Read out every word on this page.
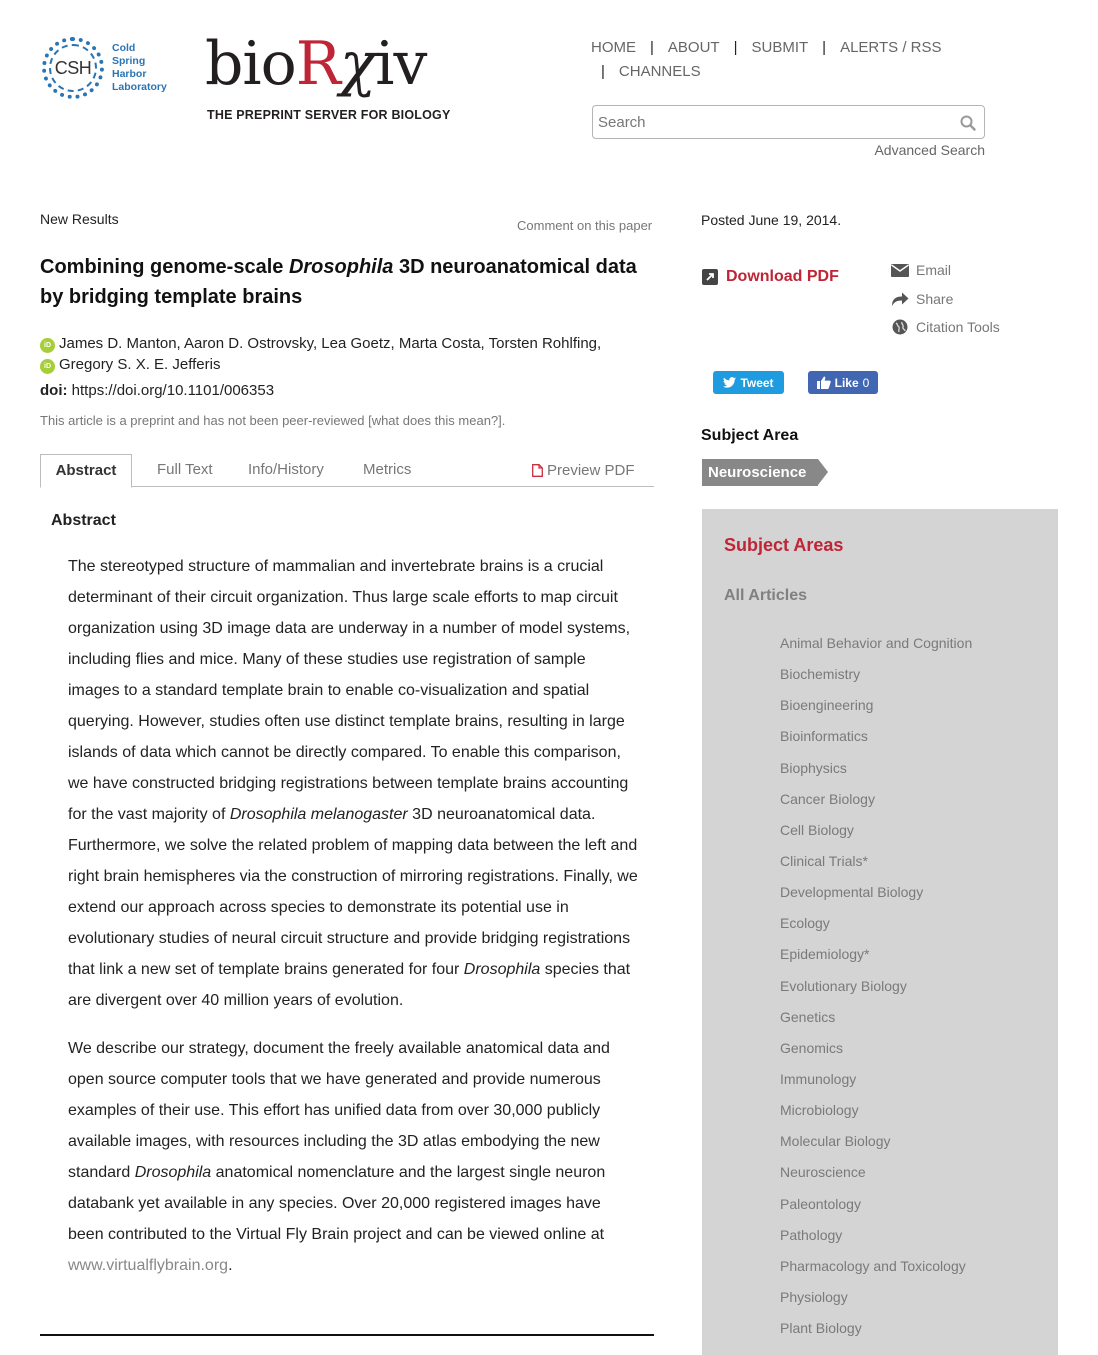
CSH
Cold
Spring
Harbor
Laboratory bioRχiv
THE PREPRINT SERVER FOR BIOLOGY
HOME | ABOUT | SUBMIT | ALERTS / RSS
| CHANNELS
Search
Advanced Search
New Results	Comment on this paper
Combining genome-scale Drosophila 3D neuroanatomical data by bridging template brains
iD James D. Manton, Aaron D. Ostrovsky, Lea Goetz, Marta Costa, Torsten Rohlfing,
iD Gregory S. X. E. Jefferis
doi: https://doi.org/10.1101/006353
This article is a preprint and has not been peer-reviewed [what does this mean?].
Abstract	Full Text Info/History	Metrics	Preview PDF
Abstract

The stereotyped structure of mammalian and invertebrate brains is a crucial determinant of their circuit organization. Thus large scale efforts to map circuit organization using 3D image data are underway in a number of model systems, including flies and mice. Many of these studies use registration of sample images to a standard template brain to enable co-visualization and spatial querying. However, studies often use distinct template brains, resulting in large islands of data which cannot be directly compared. To enable this comparison, we have constructed bridging registrations between template brains accounting for the vast majority of Drosophila melanogaster 3D neuroanatomical data. Furthermore, we solve the related problem of mapping data between the left and right brain hemispheres via the construction of mirroring registrations. Finally, we extend our approach across species to demonstrate its potential use in evolutionary studies of neural circuit structure and provide bridging registrations that link a new set of template brains generated for four Drosophila species that are divergent over 40 million years of evolution.

We describe our strategy, document the freely available anatomical data and open source computer tools that we have generated and provide numerous examples of their use. This effort has unified data from over 30,000 publicly available images, with resources including the 3D atlas embodying the new standard Drosophila anatomical nomenclature and the largest single neuron databank yet available in any species. Over 20,000 registered images have been contributed to the Virtual Fly Brain project and can be viewed online at www.virtualflybrain.org.

Posted June 19, 2014.
Download PDF	Email
Share
Citation Tools
Tweet	Like 0
Subject Area
Neuroscience
Subject Areas
All Articles
Animal Behavior and Cognition
Biochemistry
Bioengineering
Bioinformatics
Biophysics
Cancer Biology
Cell Biology
Clinical Trials*
Developmental Biology
Ecology
Epidemiology*
Evolutionary Biology
Genetics
Genomics
Immunology
Microbiology
Molecular Biology
Neuroscience
Paleontology
Pathology
Pharmacology and Toxicology
Physiology
Plant Biology
